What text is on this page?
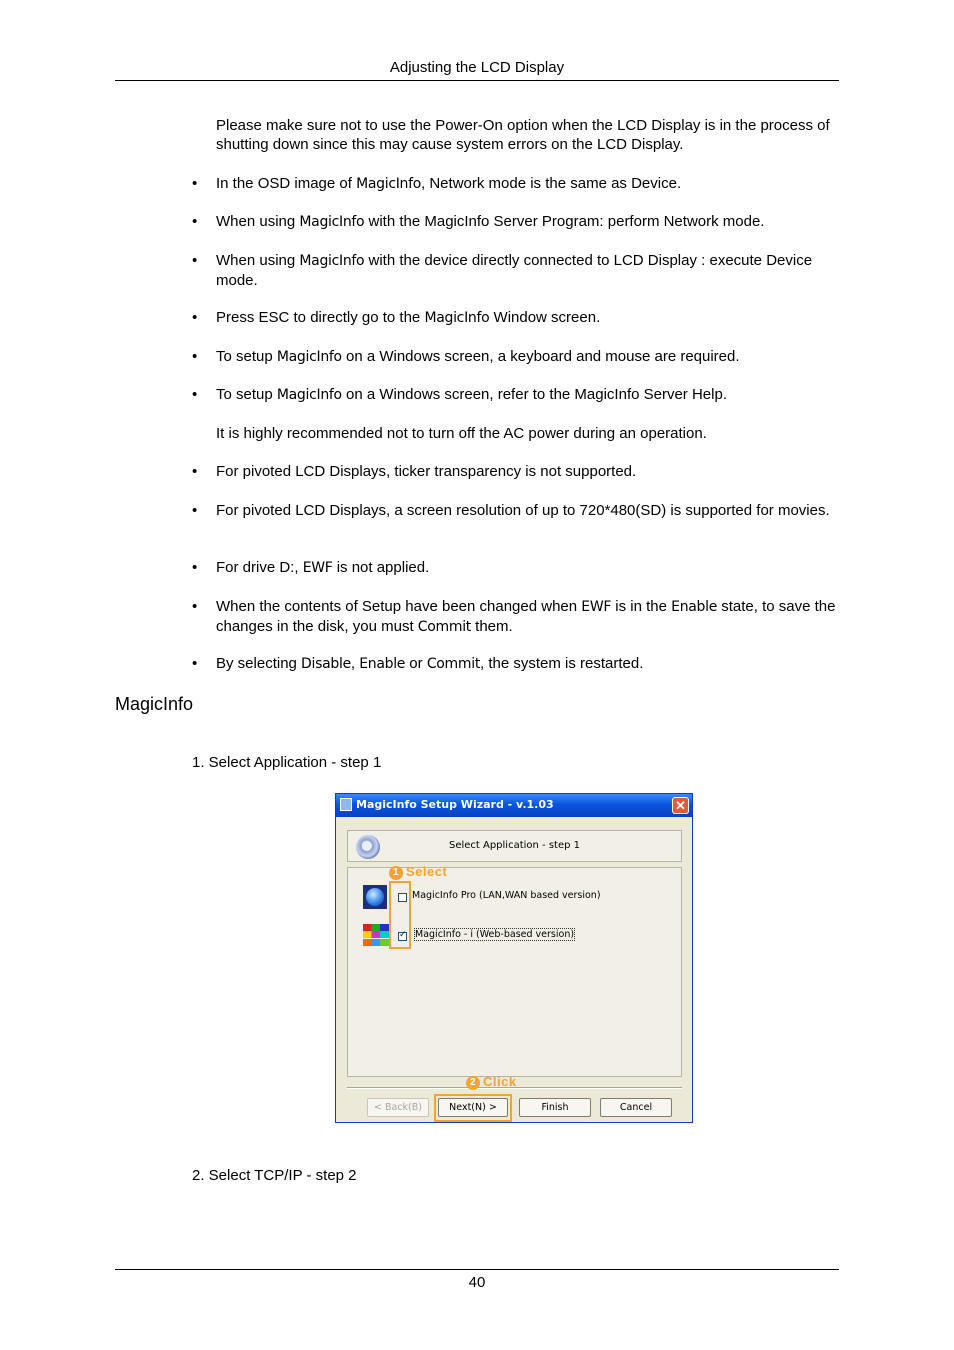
Adjusting the LCD Display
Please make sure not to use the Power-On option when the LCD Display is in the process of shutting down since this may cause system errors on the LCD Display.
• In the OSD image of MagicInfo, Network mode is the same as Device.
• When using MagicInfo with the MagicInfo Server Program: perform Network mode.
• When using MagicInfo with the device directly connected to LCD Display : execute Device mode.
• Press ESC to directly go to the MagicInfo Window screen.
• To setup MagicInfo on a Windows screen, a keyboard and mouse are required.
• To setup MagicInfo on a Windows screen, refer to the MagicInfo Server Help.
It is highly recommended not to turn off the AC power during an operation.
• For pivoted LCD Displays, ticker transparency is not supported.
• For pivoted LCD Displays, a screen resolution of up to 720*480(SD) is supported for movies.
• For drive D:, EWF is not applied.
• When the contents of Setup have been changed when EWF is in the Enable state, to save the changes in the disk, you must Commit them.
• By selecting Disable, Enable or Commit, the system is restarted.
MagicInfo
1. Select Application - step 1
MagicInfo Setup Wizard - v.1.03	✕
Select Application - step 1
MagicInfo Pro (LAN,WAN based version)
✓
MagicInfo - i (Web-based version)
1 Select
2 Click
< Back(B)	Next(N) >	Finish	Cancel
2. Select TCP/IP - step 2
40
